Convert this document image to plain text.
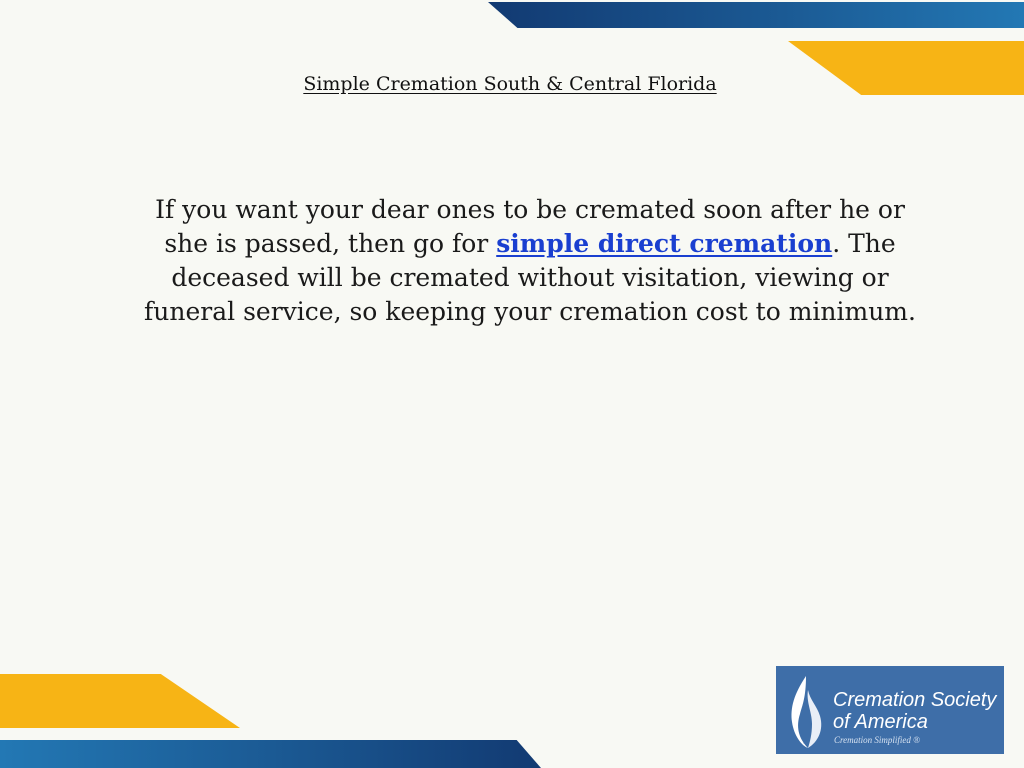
Simple Cremation South & Central Florida
If you want your dear ones to be cremated soon after he or she is passed, then go for simple direct cremation. The deceased will be cremated without visitation, viewing or funeral service, so keeping your cremation cost to minimum.
Cremation Society
of America
Cremation Simplified ®
